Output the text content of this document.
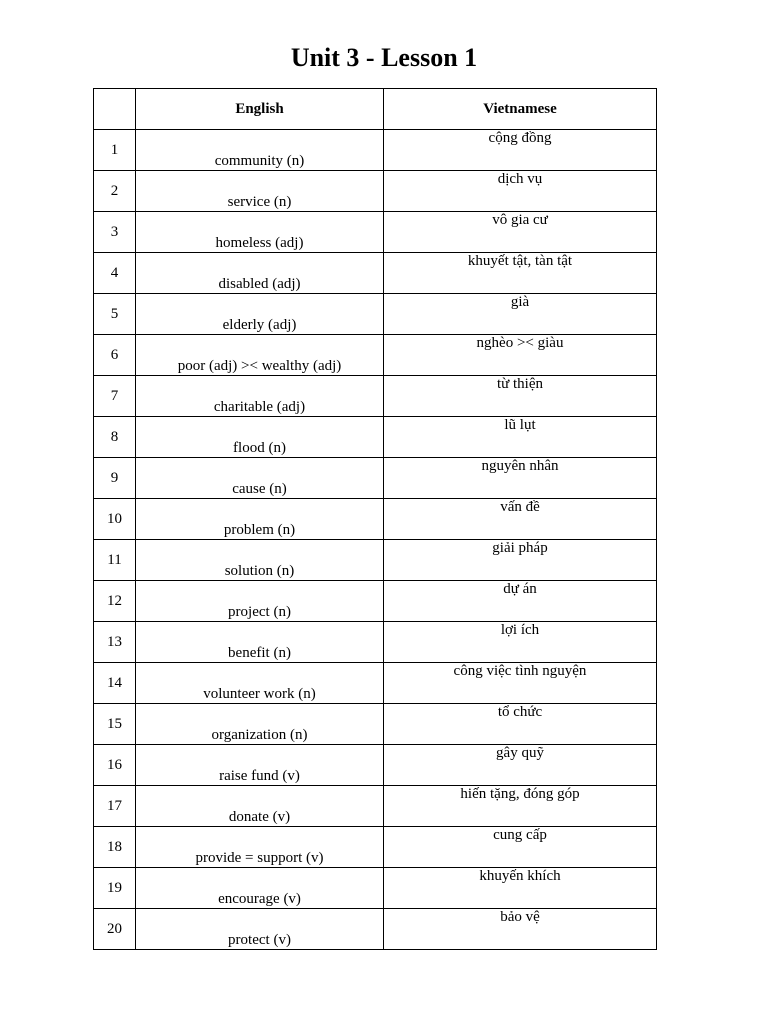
Unit 3 - Lesson 1
	English	Vietnamese
1	community (n)	cộng đồng
2	service (n)	dịch vụ
3	homeless (adj)	vô gia cư
4	disabled (adj)	khuyết tật, tàn tật
5	elderly (adj)	già
6	poor (adj) >< wealthy (adj)	nghèo >< giàu
7	charitable (adj)	từ thiện
8	flood (n)	lũ lụt
9	cause (n)	nguyên nhân
10	problem (n)	vấn đề
11	solution (n)	giải pháp
12	project (n)	dự án
13	benefit (n)	lợi ích
14	volunteer work (n)	công việc tình nguyện
15	organization (n)	tổ chức
16	raise fund (v)	gây quỹ
17	donate (v)	hiến tặng, đóng góp
18	provide = support (v)	cung cấp
19	encourage (v)	khuyến khích
20	protect (v)	bảo vệ
